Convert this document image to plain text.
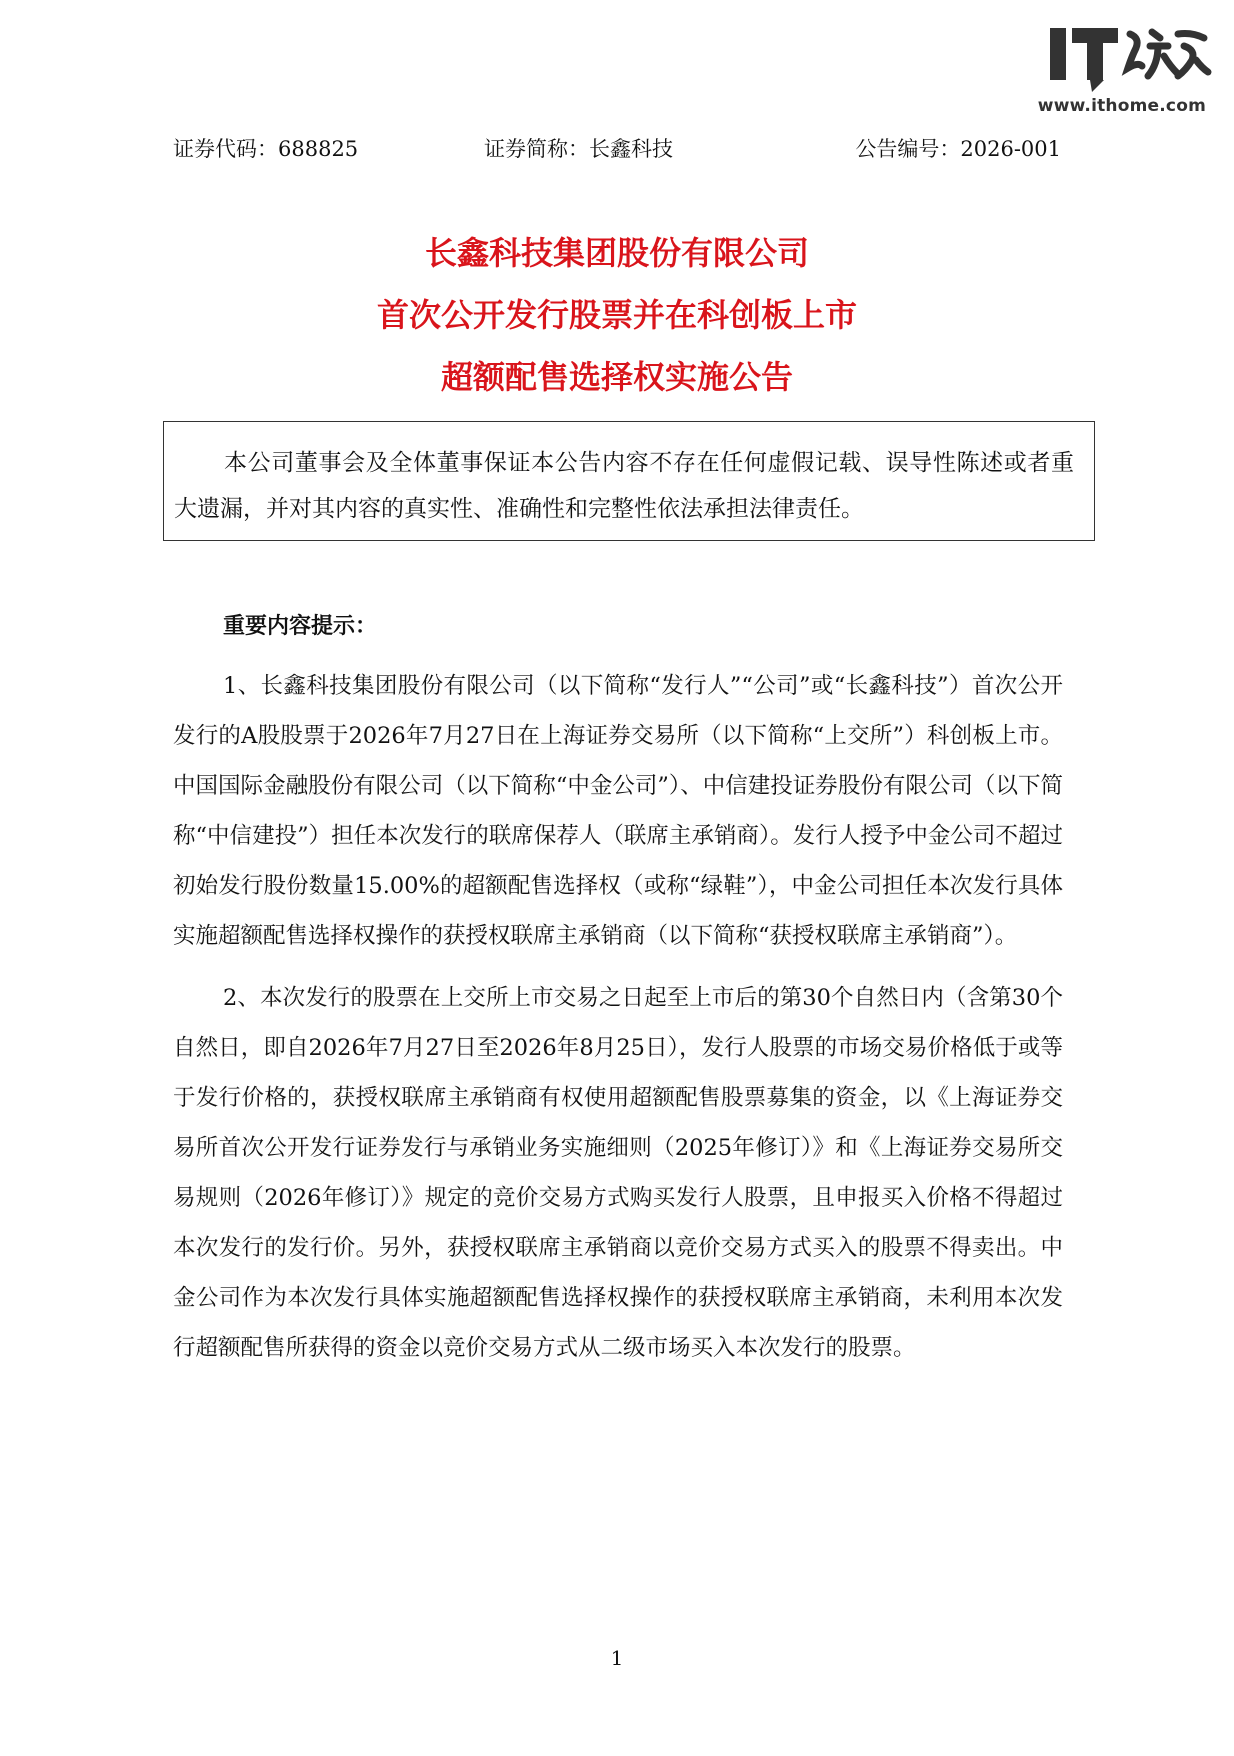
www.ithome.com
证券代码：688825	证券简称：长鑫科技	公告编号：2026-001
长鑫科技集团股份有限公司
首次公开发行股票并在科创板上市
超额配售选择权实施公告
本公司董事会及全体董事保证本公告内容不存在任何虚假记载、误导性陈述或者重大遗漏，并对其内容的真实性、准确性和完整性依法承担法律责任。
重要内容提示：

1、长鑫科技集团股份有限公司（以下简称“发行人”“公司”或“长鑫科技”）首次公开发行的A股股票于2026年7月27日在上海证券交易所（以下简称“上交所”）科创板上市。中国国际金融股份有限公司（以下简称“中金公司”）、中信建投证券股份有限公司（以下简称“中信建投”）担任本次发行的联席保荐人（联席主承销商）。发行人授予中金公司不超过初始发行股份数量15.00%的超额配售选择权（或称“绿鞋”），中金公司担任本次发行具体实施超额配售选择权操作的获授权联席主承销商（以下简称“获授权联席主承销商”）。

2、本次发行的股票在上交所上市交易之日起至上市后的第30个自然日内（含第30个自然日，即自2026年7月27日至2026年8月25日），发行人股票的市场交易价格低于或等于发行价格的，获授权联席主承销商有权使用超额配售股票募集的资金，以《上海证券交易所首次公开发行证券发行与承销业务实施细则（2025年修订）》和《上海证券交易所交易规则（2026年修订）》规定的竞价交易方式购买发行人股票，且申报买入价格不得超过本次发行的发行价。另外，获授权联席主承销商以竞价交易方式买入的股票不得卖出。中金公司作为本次发行具体实施超额配售选择权操作的获授权联席主承销商，未利用本次发行超额配售所获得的资金以竞价交易方式从二级市场买入本次发行的股票。

1
